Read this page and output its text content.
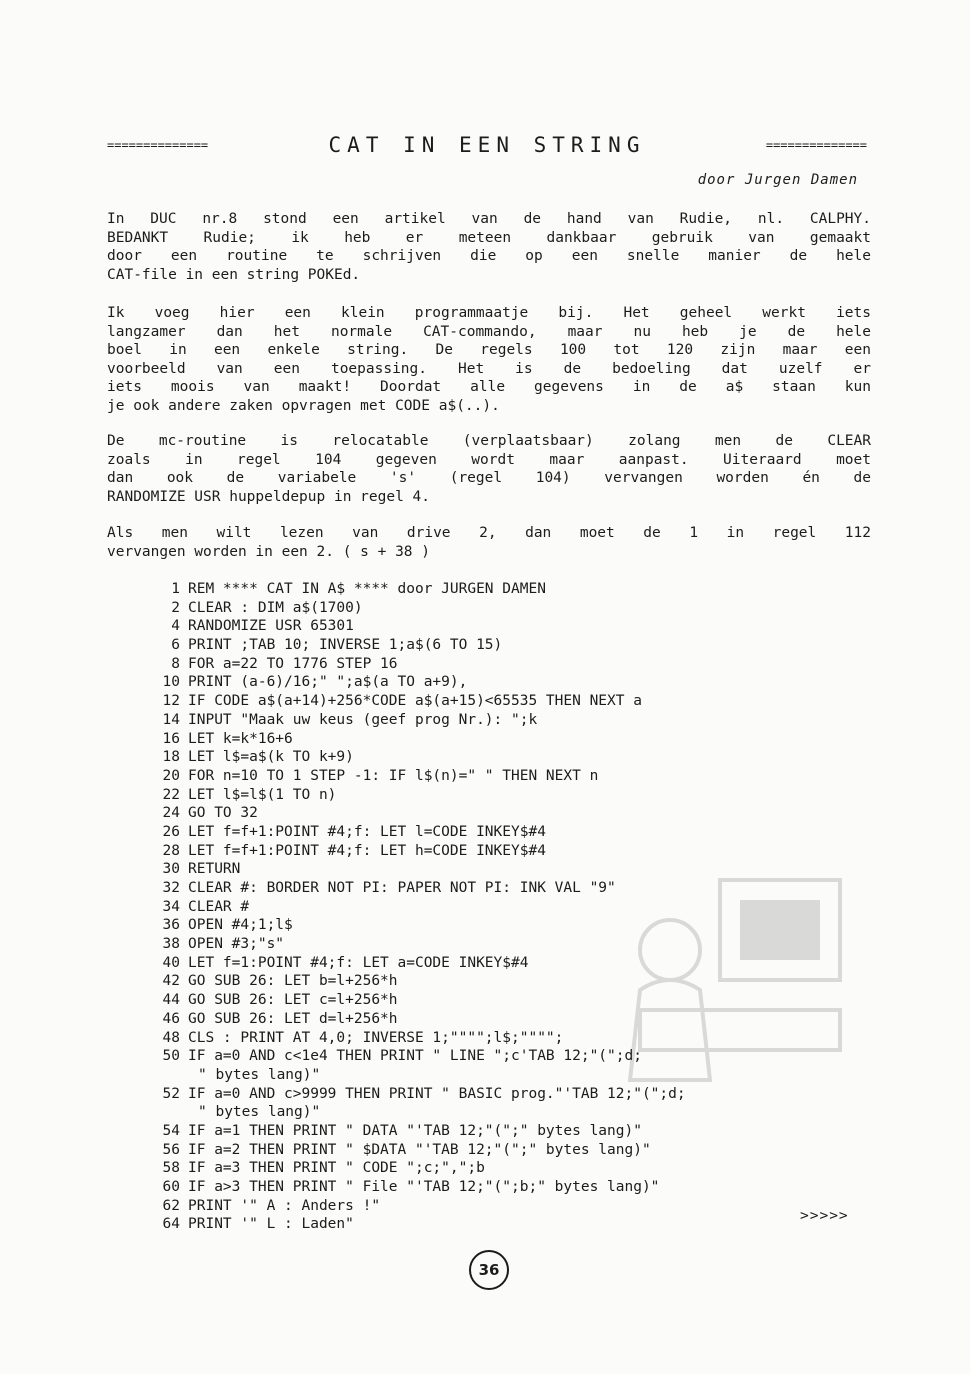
==============	CAT IN EEN STRING	==============
door Jurgen Damen
In DUC nr.8 stond een artikel van de hand van Rudie, nl. CALPHY.
BEDANKT Rudie; ik heb er meteen dankbaar gebruik van gemaakt
door een routine te schrijven die op een snelle manier de hele
CAT-file in een string POKEd.
Ik voeg hier een klein programmaatje bij. Het geheel werkt iets
langzamer dan het normale CAT-commando, maar nu heb je de hele
boel in een enkele string. De regels 100 tot 120 zijn maar een
voorbeeld van een toepassing. Het is de bedoeling dat uzelf er
iets moois van maakt! Doordat alle gegevens in de a$ staan kun
je ook andere zaken opvragen met CODE a$(..).
De mc-routine is relocatable (verplaatsbaar) zolang men de CLEAR
zoals in regel 104 gegeven wordt maar aanpast. Uiteraard moet
dan ook de variabele 's' (regel 104) vervangen worden én de
RANDOMIZE USR huppeldepup in regel 4.
Als men wilt lezen van drive 2, dan moet de 1 in regel 112
vervangen worden in een 2. ( s + 38 )
1 REM **** CAT IN A$ **** door JURGEN DAMEN
2 CLEAR : DIM a$(1700)
4 RANDOMIZE USR 65301
6 PRINT ;TAB 10; INVERSE 1;a$(6 TO 15)
8 FOR a=22 TO 1776 STEP 16
10 PRINT (a-6)/16;" ";a$(a TO a+9),
12 IF CODE a$(a+14)+256*CODE a$(a+15)<65535 THEN NEXT a
14 INPUT "Maak uw keus (geef prog Nr.): ";k
16 LET k=k*16+6
18 LET l$=a$(k TO k+9)
20 FOR n=10 TO 1 STEP -1: IF l$(n)=" " THEN NEXT n
22 LET l$=l$(1 TO n)
24 GO TO 32
26 LET f=f+1:POINT #4;f: LET l=CODE INKEY$#4
28 LET f=f+1:POINT #4;f: LET h=CODE INKEY$#4
30 RETURN
32 CLEAR #: BORDER NOT PI: PAPER NOT PI: INK VAL "9"
34 CLEAR #
36 OPEN #4;1;l$
38 OPEN #3;"s"
40 LET f=1:POINT #4;f: LET a=CODE INKEY$#4
42 GO SUB 26: LET b=l+256*h
44 GO SUB 26: LET c=l+256*h
46 GO SUB 26: LET d=l+256*h
48 CLS : PRINT AT 4,0; INVERSE 1;"""";l$;"""";
50 IF a=0 AND c<1e4 THEN PRINT " LINE ";c'TAB 12;"(";d;
" bytes lang)"
52 IF a=0 AND c>9999 THEN PRINT " BASIC prog."'TAB 12;"(";d;
" bytes lang)"
54 IF a=1 THEN PRINT " DATA "'TAB 12;"(";" bytes lang)"
56 IF a=2 THEN PRINT " $DATA "'TAB 12;"(";" bytes lang)"
58 IF a=3 THEN PRINT " CODE ";c;",";b
60 IF a>3 THEN PRINT " File "'TAB 12;"(";b;" bytes lang)"
62 PRINT '" A : Anders !"
64 PRINT '" L : Laden"
>>>>>
36
